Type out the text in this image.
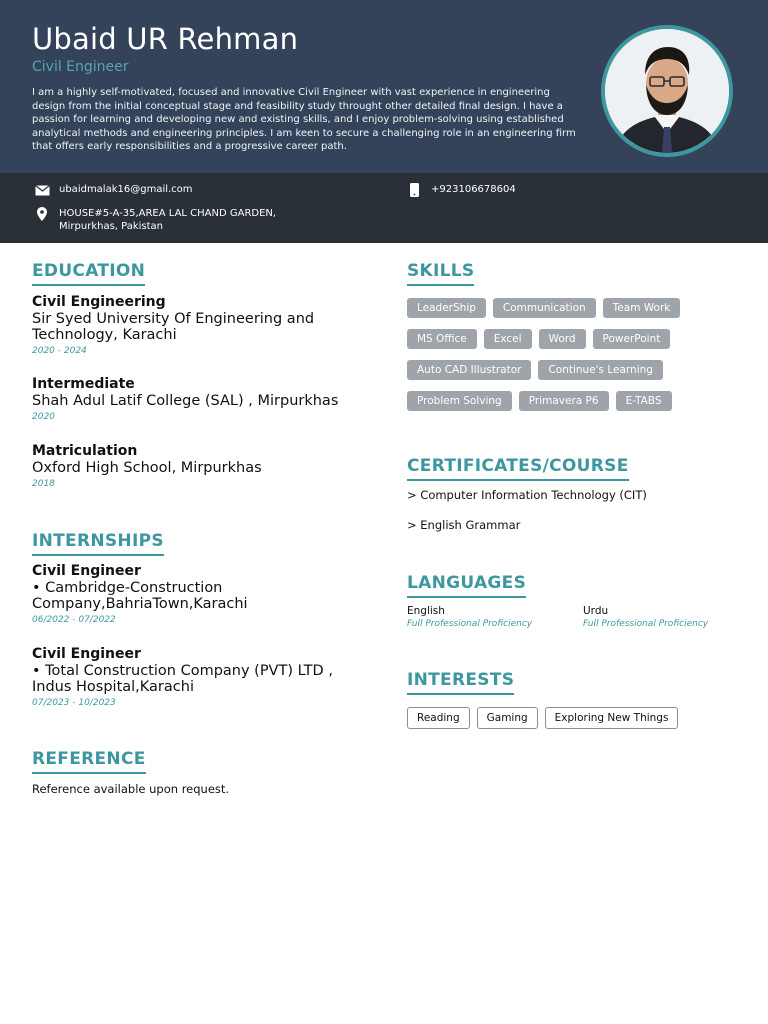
Ubaid UR Rehman
Civil Engineer

I am a highly self-motivated, focused and innovative Civil Engineer with vast experience in engineering design from the initial conceptual stage and feasibility study throught other detailed final design. I have a passion for learning and developing new and existing skills, and I enjoy problem-solving using established analytical methods and engineering principles. I am keen to secure a challenging role in an engineering firm that offers early responsibilities and a progressive career path.

ubaidmalak16@gmail.com	+923106678604
HOUSE#5-A-35,AREA LAL CHAND GARDEN,
Mirpurkhas, Pakistan
EDUCATION
Civil Engineering
Sir Syed University Of Engineering and Technology, Karachi
2020 - 2024
Intermediate
Shah Adul Latif College (SAL) , Mirpurkhas
2020
Matriculation
Oxford High School, Mirpurkhas
2018
INTERNSHIPS
Civil Engineer
• Cambridge-Construction Company,BahriaTown,Karachi
06/2022 - 07/2022
Civil Engineer
• Total Construction Company (PVT) LTD , Indus Hospital,Karachi
07/2023 - 10/2023
REFERENCE
Reference available upon request.
SKILLS
LeaderShip	Communication	Team Work
MS Office	Excel	Word	PowerPoint
Auto CAD Illustrator	Continue's Learning
Problem Solving	Primavera P6	E-TABS
CERTIFICATES/COURSE
> Computer Information Technology (CIT)
> English Grammar
LANGUAGES
English
Full Professional Proficiency
Urdu
Full Professional Proficiency
INTERESTS
Reading	Gaming	Exploring New Things
